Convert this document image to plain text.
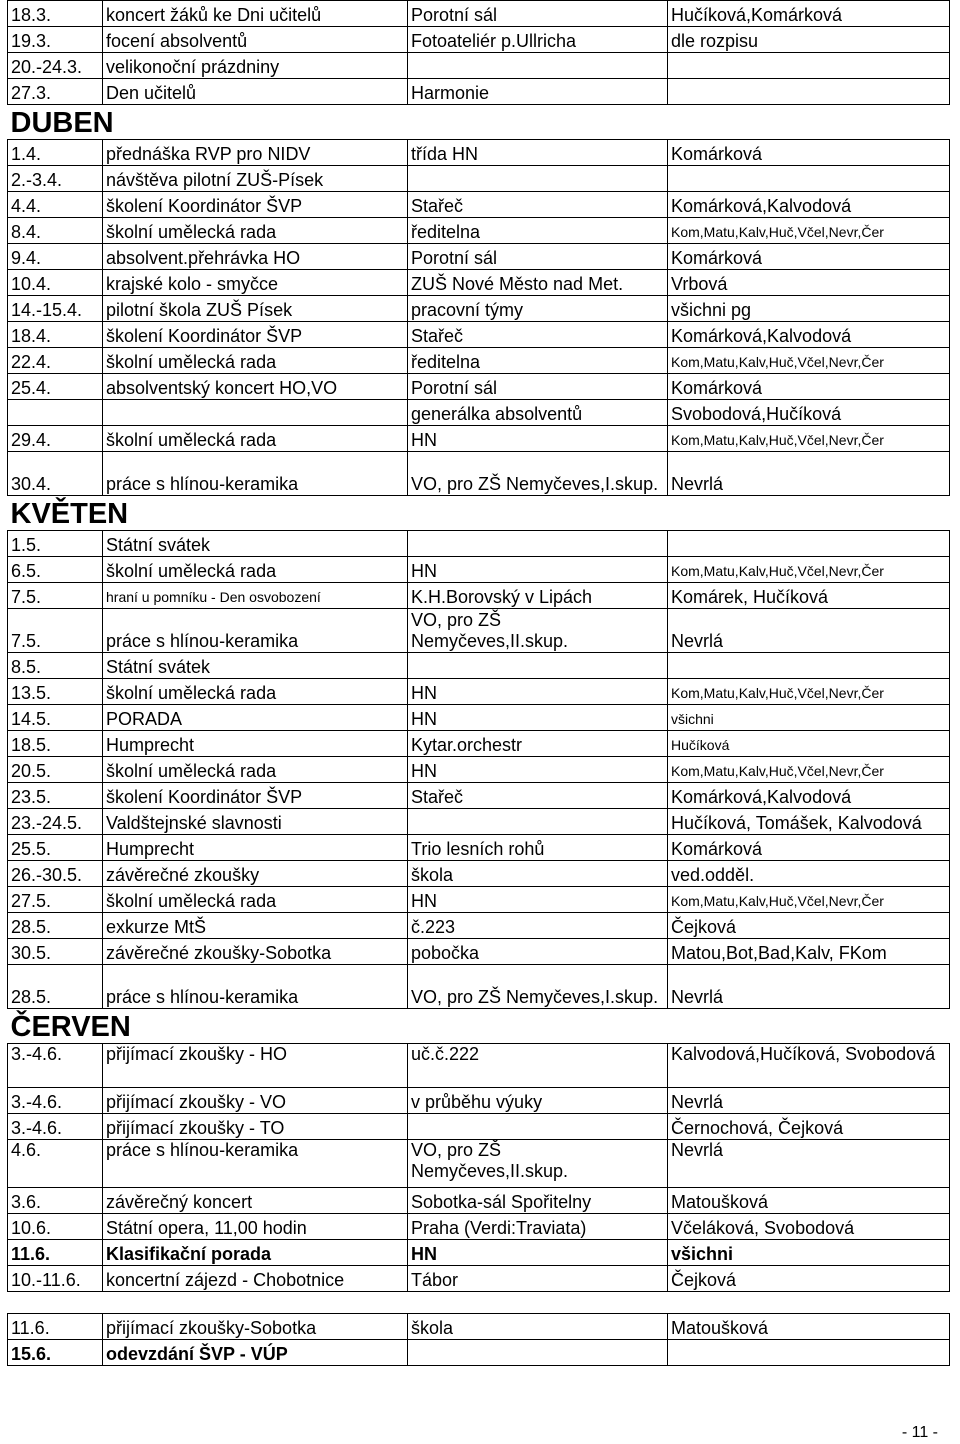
18.3.	koncert žáků ke Dni učitelů	Porotní sál	Hučíková,Komárková
19.3.	focení absolventů	Fotoateliér p.Ullricha	dle rozpisu
20.-24.3.	velikonoční prázdniny		
27.3.	Den učitelů	Harmonie	
DUBEN			
1.4.	přednáška RVP pro NIDV	třída HN	Komárková
2.-3.4.	návštěva pilotní ZUŠ-Písek		
4.4.	školení Koordinátor ŠVP	Stařeč	Komárková,Kalvodová
8.4.	školní umělecká rada	ředitelna	Kom,Matu,Kalv,Huč,Včel,Nevr,Čer
9.4.	absolvent.přehrávka HO	Porotní sál	Komárková
10.4.	krajské kolo - smyčce	ZUŠ Nové Město nad Met.	Vrbová
14.-15.4.	pilotní škola ZUŠ Písek	pracovní týmy	všichni pg
18.4.	školení Koordinátor ŠVP	Stařeč	Komárková,Kalvodová
22.4.	školní umělecká rada	ředitelna	Kom,Matu,Kalv,Huč,Včel,Nevr,Čer
25.4.	absolventský koncert HO,VO	Porotní sál	Komárková
		generálka absolventů	Svobodová,Hučíková
29.4.	školní umělecká rada	HN	Kom,Matu,Kalv,Huč,Včel,Nevr,Čer
30.4.	práce s hlínou-keramika	VO, pro ZŠ Nemyčeves,I.skup.	Nevrlá
KVĚTEN			
1.5.	Státní svátek		
6.5.	školní umělecká rada	HN	Kom,Matu,Kalv,Huč,Včel,Nevr,Čer
7.5.	hraní u pomníku - Den osvobození	K.H.Borovský v Lipách	Komárek, Hučíková
7.5.	práce s hlínou-keramika	VO, pro ZŠ Nemyčeves,II.skup.	Nevrlá
8.5.	Státní svátek		
13.5.	školní umělecká rada	HN	Kom,Matu,Kalv,Huč,Včel,Nevr,Čer
14.5.	PORADA	HN	všichni
18.5.	Humprecht	Kytar.orchestr	Hučíková
20.5.	školní umělecká rada	HN	Kom,Matu,Kalv,Huč,Včel,Nevr,Čer
23.5.	školení Koordinátor ŠVP	Stařeč	Komárková,Kalvodová
23.-24.5.	Valdštejnské slavnosti		Hučíková, Tomášek, Kalvodová
25.5.	Humprecht	Trio lesních rohů	Komárková
26.-30.5.	závěrečné zkoušky	škola	ved.odděl.
27.5.	školní umělecká rada	HN	Kom,Matu,Kalv,Huč,Včel,Nevr,Čer
28.5.	exkurze MtŠ	č.223	Čejková
30.5.	závěrečné zkoušky-Sobotka	pobočka	Matou,Bot,Bad,Kalv, FKom
28.5.	práce s hlínou-keramika	VO, pro ZŠ Nemyčeves,I.skup.	Nevrlá
ČERVEN			
3.-4.6.	přijímací zkoušky - HO	uč.č.222	Kalvodová,Hučíková, Svobodová
3.-4.6.	přijímací zkoušky - VO	v průběhu výuky	Nevrlá
3.-4.6.	přijímací zkoušky - TO		Černochová, Čejková
4.6.	práce s hlínou-keramika	VO, pro ZŠ Nemyčeves,II.skup.	Nevrlá
3.6.	závěrečný koncert	Sobotka-sál Spořitelny	Matoušková
10.6.	Státní opera, 11,00 hodin	Praha (Verdi:Traviata)	Včeláková, Svobodová
11.6.	Klasifikační porada	HN	všichni
10.-11.6.	koncertní zájezd - Chobotnice	Tábor	Čejková

11.6.	přijímací zkoušky-Sobotka	škola	Matoušková
15.6.	odevzdání ŠVP - VÚP		
- 11 -
